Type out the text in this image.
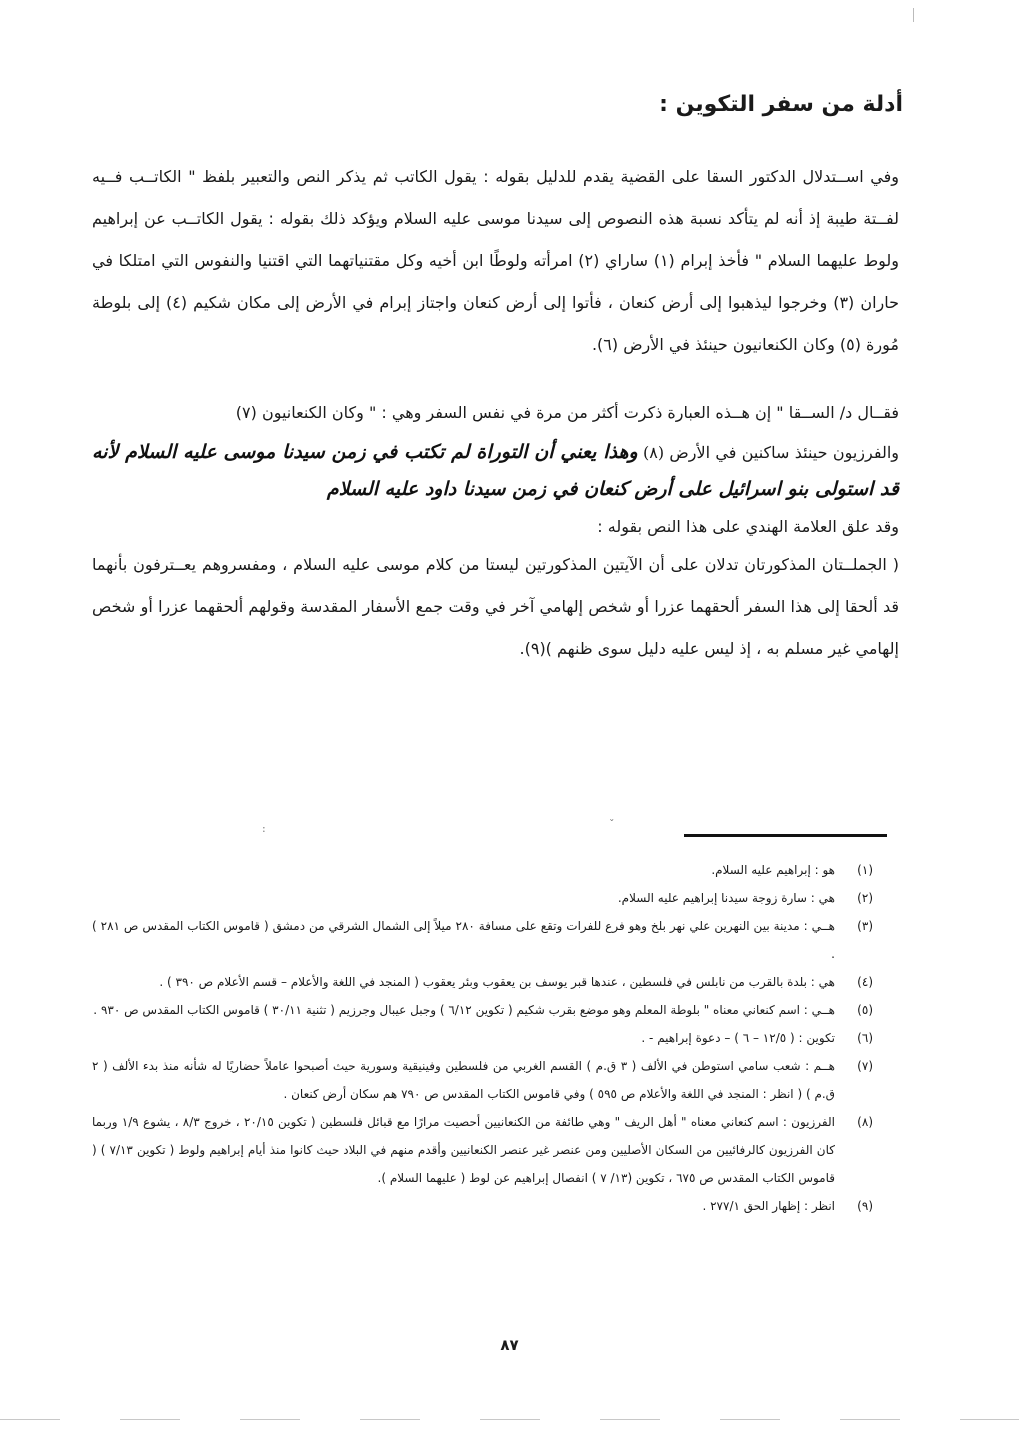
أدلة من سفر التكوين :
وفي اســتدلال الدكتور السقا على القضية يقدم للدليل بقوله : يقول الكاتب ثم يذكر النص والتعبير بلفظ " الكاتــب فــيه لفــتة طيبة إذ أنه لم يتأكد نسبة هذه النصوص إلى سيدنا موسى عليه السلام ويؤكد ذلك بقوله : يقول الكاتــب عن إبراهيم ولوط عليهما السلام " فأخذ إبرام (١) ساراي (٢) امرأته ولوطًا ابن أخيه وكل مقتنياتهما التي اقتنيا والنفوس التي امتلكا في حاران (٣) وخرجوا ليذهبوا إلى أرض كنعان ، فأتوا إلى أرض كنعان واجتاز إبرام في الأرض إلى مكان شكيم (٤) إلى بلوطة مُورة (٥) وكان الكنعانيون حينئذ في الأرض (٦).
فقــال د/ الســقا " إن هــذه العبارة ذكرت أكثر من مرة في نفس السفر وهي : " وكان الكنعانيون (٧)
والفرزيون حينئذ ساكنين في الأرض (٨) وهذا يعني أن التوراة لم تكتب في زمن سيدنا موسى عليه السلام لأنه قد استولى بنو اسرائيل على أرض كنعان في زمن سيدنا داود عليه السلام
وقد علق العلامة الهندي على هذا النص بقوله :
( الجملــتان المذكورتان تدلان على أن الآيتين المذكورتين ليستا من كلام موسى عليه السلام ، ومفسروهم يعــترفون بأنهما قد ألحقا إلى هذا السفر ألحقهما عزرا أو شخص إلهامي آخر في وقت جمع الأسفار المقدسة وقولهم ألحقهما عزرا أو شخص إلهامي غير مسلم به ، إذ ليس عليه دليل سوى ظنهم )(٩).
:	ˇ

(١)
هو : إبراهيم عليه السلام.

(٢)
هي : سارة زوجة سيدنا إبراهيم عليه السلام.

(٣)
هــي : مدينة بين النهرين علي نهر بلخ وهو فرع للفرات وتقع على مسافة ٢٨٠ ميلاً إلى الشمال الشرقي من دمشق ( قاموس الكتاب المقدس ص ٢٨١ ) .

(٤)
هي : بلدة بالقرب من نابلس في فلسطين ، عندها قبر يوسف بن يعقوب وبئر يعقوب ( المنجد في اللغة والأعلام – قسم الأعلام ص ٣٩٠ ) .

(٥)
هــي : اسم كنعاني معناه " بلوطة المعلم وهو موضع بقرب شكيم ( تكوين ٦/١٢ ) وجبل عيبال وجرزيم ( تثنية ٣٠/١١ ) قاموس الكتاب المقدس ص ٩٣٠ .

(٦)
تكوين : ( ١٢/٥ – ٦ ) – دعوة إبراهيم - .

(٧)
هــم : شعب سامي استوطن في الألف ( ٣ ق.م ) القسم الغربي من فلسطين وفينيقية وسورية حيث أصبحوا عاملاً حضاريًا له شأنه منذ بدء الألف ( ٢ ق.م ) ( انظر : المنجد في اللغة والأعلام ص ٥٩٥ ) وفي قاموس الكتاب المقدس ص ٧٩٠ هم سكان أرض كنعان .

(٨)
الفرزيون : اسم كنعاني معناه " أهل الريف " وهي طائفة من الكنعانيين أحصيت مرارًا مع قبائل فلسطين ( تكوين ٢٠/١٥ ، خروج ٨/٣ ، يشوع ١/٩ وربما كان الفرزيون كالرفائيين من السكان الأصليين ومن عنصر غير عنصر الكنعانيين وأقدم منهم في البلاد حيث كانوا منذ أيام إبراهيم ولوط ( تكوين ٧/١٣ ) ( قاموس الكتاب المقدس ص ٦٧٥ ، تكوين (١٣/ ٧ ) انفصال إبراهيم عن لوط ( عليهما السلام ).

(٩)
انظر : إظهار الحق ٢٧٧/١ .

٨٧
